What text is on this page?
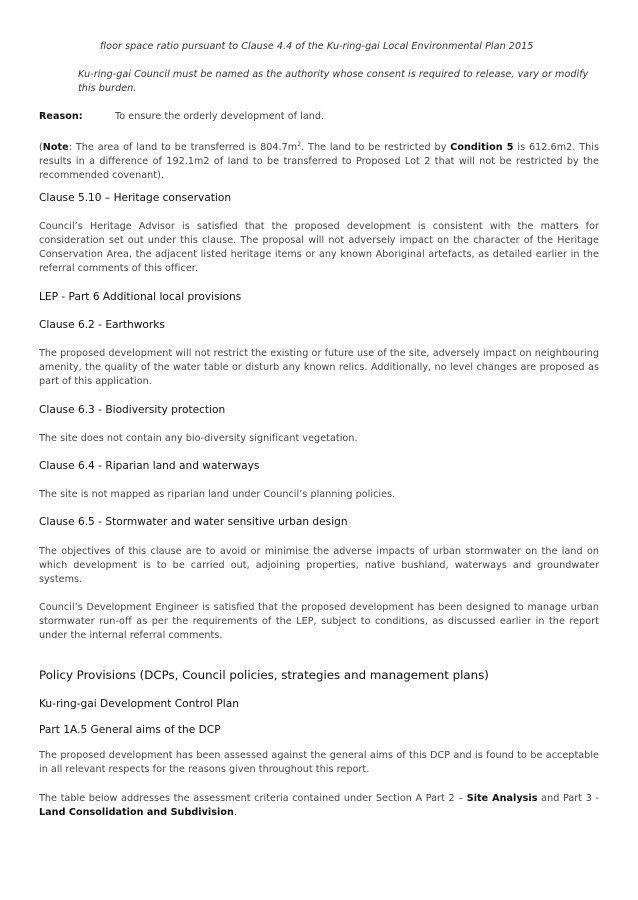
floor space ratio pursuant to Clause 4.4 of the Ku-ring-gai Local Environmental Plan 2015

Ku-ring-gai Council must be named as the authority whose consent is required to release, vary or modify this burden.

Reason:	To ensure the orderly development of land.

(Note: The area of land to be transferred is $804.7m^2$. The land to be restricted by Condition 5 is 612.6m2. This results in a difference of 192.1m2 of land to be transferred to Proposed Lot 2 that will not be restricted by the recommended covenant).

Clause 5.10 – Heritage conservation

Council’s Heritage Advisor is satisfied that the proposed development is consistent with the matters for consideration set out under this clause. The proposal will not adversely impact on the character of the Heritage Conservation Area, the adjacent listed heritage items or any known Aboriginal artefacts, as detailed earlier in the referral comments of this officer.

LEP - Part 6 Additional local provisions
Clause 6.2 - Earthworks

The proposed development will not restrict the existing or future use of the site, adversely impact on neighbouring amenity, the quality of the water table or disturb any known relics. Additionally, no level changes are proposed as part of this application.

Clause 6.3 - Biodiversity protection

The site does not contain any bio-diversity significant vegetation.

Clause 6.4 - Riparian land and waterways

The site is not mapped as riparian land under Council’s planning policies.

Clause 6.5 - Stormwater and water sensitive urban design

The objectives of this clause are to avoid or minimise the adverse impacts of urban stormwater on the land on which development is to be carried out, adjoining properties, native bushland, waterways and groundwater systems.

Council’s Development Engineer is satisfied that the proposed development has been designed to manage urban stormwater run-off as per the requirements of the LEP, subject to conditions, as discussed earlier in the report under the internal referral comments.

Policy Provisions (DCPs, Council policies, strategies and management plans)
Ku-ring-gai Development Control Plan
Part 1A.5 General aims of the DCP

The proposed development has been assessed against the general aims of this DCP and is found to be acceptable in all relevant respects for the reasons given throughout this report.

The table below addresses the assessment criteria contained under Section A Part 2 – Site Analysis and Part 3 - Land Consolidation and Subdivision.
